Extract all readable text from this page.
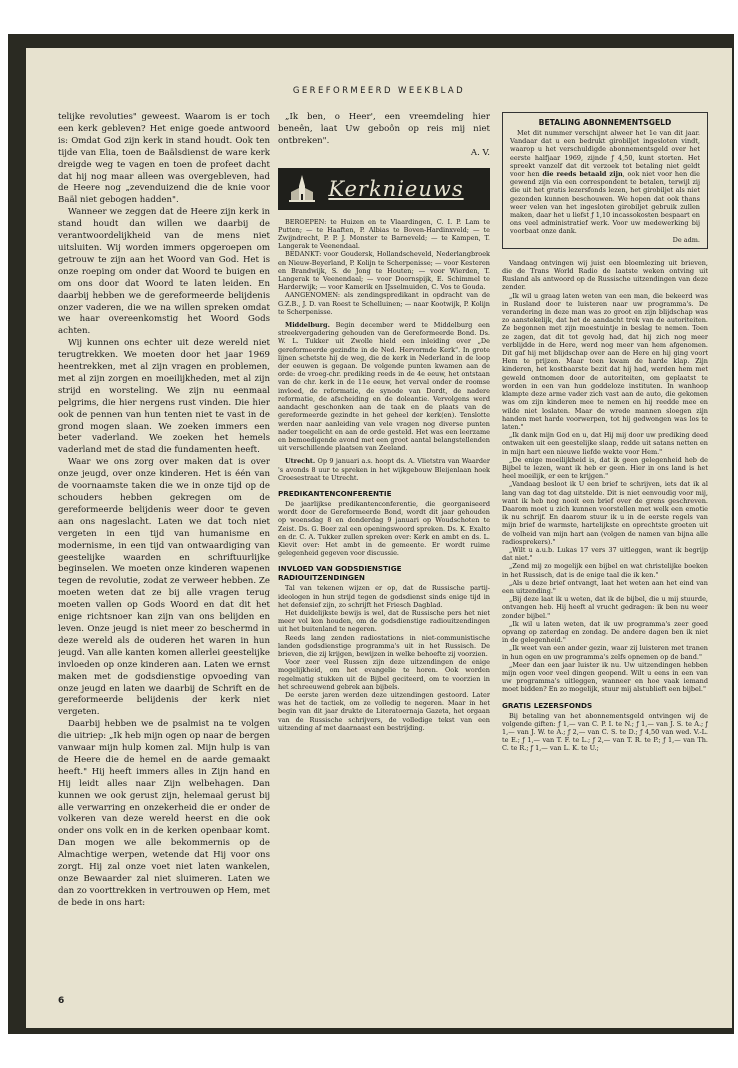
GEREFORMEERD WEEKBLAD

telijke revoluties" geweest. Waarom is er toch een kerk gebleven? Het enige goede antwoord is: Omdat God zijn kerk in stand houdt. Ook ten tijde van Elia, toen de Baälsdienst de ware kerk dreigde weg te vagen en toen de profeet dacht dat hij nog maar alleen was overgebleven, had de Heere nog „zevenduizend die de knie voor Baäl niet gebogen hadden".

Wanneer we zeggen dat de Heere zijn kerk in stand houdt dan willen we daarbij de verantwoordelijkheid van de mens niet uitsluiten. Wij worden immers opgeroepen om getrouw te zijn aan het Woord van God. Het is onze roeping om onder dat Woord te buigen en om ons door dat Woord te laten leiden. En daarbij hebben we de gereformeerde belijdenis onzer vaderen, die we na willen spreken omdat we haar overeenkomstig het Woord Gods achten.

Wij kunnen ons echter uit deze wereld niet terugtrekken. We moeten door het jaar 1969 heentrekken, met al zijn vragen en problemen, met al zijn zorgen en moeilijkheden, met al zijn strijd en worsteling. We zijn nu eenmaal pelgrims, die hier nergens rust vinden. Die hier ook de pennen van hun tenten niet te vast in de grond mogen slaan. We zoeken immers een beter vaderland. We zoeken het hemels vaderland met de stad die fundamenten heeft.

Waar we ons zorg over maken dat is over onze jeugd, over onze kinderen. Het is één van de voornaamste taken die we in onze tijd op de schouders hebben gekregen om de gereformeerde belijdenis weer door te geven aan ons nageslacht. Laten we dat toch niet vergeten in een tijd van humanisme en modernisme, in een tijd van ontwaardiging van geestelijke waarden en schriftuurlijke beginselen. We moeten onze kinderen wapenen tegen de revolutie, zodat ze verweer hebben. Ze moeten weten dat ze bij alle vragen terug moeten vallen op Gods Woord en dat dit het enige richtsnoer kan zijn van ons belijden en leven. Onze jeugd is niet meer zo beschermd in deze wereld als de ouderen het waren in hun jeugd. Van alle kanten komen allerlei geestelijke invloeden op onze kinderen aan. Laten we ernst maken met de godsdienstige opvoeding van onze jeugd en laten we daarbij de Schrift en de gereformeerde belijdenis der kerk niet vergeten.

Daarbij hebben we de psalmist na te volgen die uitriep: „Ik heb mijn ogen op naar de bergen vanwaar mijn hulp komen zal. Mijn hulp is van de Heere die de hemel en de aarde gemaakt heeft." Hij heeft immers alles in Zijn hand en Hij leidt alles naar Zijn welbehagen. Dan kunnen we ook gerust zijn, helemaal gerust bij alle verwarring en onzekerheid die er onder de volkeren van deze wereld heerst en die ook onder ons volk en in de kerken openbaar komt. Dan mogen we alle bekommernis op de Almachtige werpen, wetende dat Hij voor ons zorgt. Hij zal onze voet niet laten wankelen, onze Bewaarder zal niet sluimeren. Laten we dan zo voorttrekken in vertrouwen op Hem, met de bede in ons hart:

„Ik ben, o Heer', een vreemdeling hier beneên, laat Uw geboôn op reis mij niet ontbreken".

A. V.

Kerknieuws

BEROEPEN: te Huizen en te Vlaardingen, C. I. P. Lam te Putten; — te Haaften, P. Albias te Boven-Hardinxveld; — te Zwijndrecht, P. P. J. Monster te Barneveld; — te Kampen, T. Langerak te Veenendaal.

BEDANKT: voor Goudersk, Hollandscheveld, Nederlangbroek en Nieuw-Beyerland, P. Kolijn te Scherpenisse; — voor Kesteren en Brandwijk, S. de Jong te Houten; — voor Wierden, T. Langerak te Veenendaal; — voor Doornspijk, E. Schimmel te Harderwijk; — voor Kamerik en IJsselmuiden, C. Vos te Gouda.

AANGENOMEN: als zendingspredikant in opdracht van de G.Z.B., J. D. van Roest te Schelluinen; — naar Kootwijk, P. Kolijn te Scherpenisse.

Middelburg. Begin december werd te Middelburg een streekvergadering gehouden van de Gereformeerde Bond. Ds. W. L. Tukker uit Zwolle hield een inleiding over „De gereformeerde gezindte in de Ned. Hervormde Kerk". In grote lijnen schetste hij de weg, die de kerk in Nederland in de loop der eeuwen is gegaan. De volgende punten kwamen aan de orde: de vroeg-chr. prediking reeds in de 4e eeuw, het ontstaan van de chr. kerk in de 11e eeuw, het verval onder de roomse invloed, de reformatie, de synode van Dordt, de nadere reformatie, de afscheiding en de doleantie. Vervolgens werd aandacht geschonken aan de taak en de plaats van de gereformeerde gezindte in het geheel der kerk(en). Tenslotte werden naar aanleiding van vele vragen nog diverse punten nader toegelicht en aan de orde gesteld. Het was een leerzame en bemoedigende avond met een groot aantal belangstellenden uit verschillende plaatsen van Zeeland.

Utrecht. Op 9 januari a.s. hoopt ds. A. Vlietstra van Waarder 's avonds 8 uur te spreken in het wijkgebouw Bleijenlaan hoek Croesestraat te Utrecht.

PREDIKANTENCONFERENTIE

De jaarlijkse predikantenconferentie, die georganiseerd wordt door de Gereformeerde Bond, wordt dit jaar gehouden op woensdag 8 en donderdag 9 januari op Woudschoten te Zeist. Ds. G. Boer zal een openingswoord spreken. Ds. K. Exalto en dr. C. A. Tukker zullen spreken over: Kerk en ambt en ds. L. Kievit over: Het ambt in de gemeente. Er wordt ruime gelegenheid gegeven voor discussie.

INVLOED VAN GODSDIENSTIGE RADIOUITZENDINGEN

Tal van tekenen wijzen er op, dat de Russische partij-ideologen in hun strijd tegen de godsdienst sinds enige tijd in het defensief zijn, zo schrijft het Friesch Dagblad.

Het duidelijkste bewijs is wel, dat de Russische pers het niet meer vol kon houden, om de godsdienstige radiouitzendingen uit het buitenland te negeren.

Reeds lang zenden radiostations in niet-communistische landen godsdienstige programma's uit in het Russisch. De brieven, die zij krijgen, bewijzen in welke behoefte zij voorzien.

Voor zeer veel Russen zijn deze uitzendingen de enige mogelijkheid, om het evangelie te horen. Ook worden regelmatig stukken uit de Bijbel geciteerd, om te voorzien in het schreeuwend gebrek aan bijbels.

De eerste jaren werden deze uitzendingen gestoord. Later was het de tactiek, om ze volledig te negeren. Maar in het begin van dit jaar drukte de Literatoernaja Gazeta, het orgaan van de Russische schrijvers, de volledige tekst van een uitzending af met daarnaast een bestrijding.

BETALING ABONNEMENTSGELD

Met dit nummer verschijnt alweer het 1e van dit jaar. Vandaar dat u een bedrukt girobiljet ingesloten vindt, waarop u het verschuldigde abonnementsgeld over het eerste halfjaar 1969, zijnde ƒ 4,50, kunt storten. Het spreekt vanzelf dat dit verzoek tot betaling niet geldt voor hen die reeds betaald zijn, ook niet voor hen die gewend zijn via een correspondent te betalen, terwijl zij die uit het gratis lezersfonds lezen, het girobiljet als niet gezonden kunnen beschouwen. We hopen dat ook thans weer velen van het ingesloten girobiljet gebruik zullen maken, daar het u liefst ƒ 1,10 incassokosten bespaart en ons veel administratief werk. Voor uw medewerking bij voorbaat onze dank.

De adm.

Vandaag ontvingen wij juist een bloemlezing uit brieven, die de Trans World Radio de laatste weken ontving uit Rusland als antwoord op de Russische uitzendingen van deze zender.

„Ik wil u graag laten weten van een man, die bekeerd was in Rusland door te luisteren naar uw programma's. De verandering in deze man was zo groot en zijn blijdschap was zo aanstekelijk, dat het de aandacht trok van de autoriteiten. Ze begonnen met zijn moestuintje in beslag te nemen. Toen ze zagen, dat dit tot gevolg had, dat hij zich nog meer verblijdde in de Here, werd nog meer van hem afgenomen. Dit gaf hij met blijdschap over aan de Here en hij ging voort Hem te prijzen. Maar toen kwam de harde klap. Zijn kinderen, het kostbaarste bezit dat hij had, werden hem met geweld ontnomen door de autoriteiten, om geplaatst te worden in een van hun goddeloze instituten. In wanhoop klampte deze arme vader zich vast aan de auto, die gekomen was om zijn kinderen mee te nemen en hij reedde mee en wilde niet loslaten. Maar de wrede mannen sloegen zijn handen met harde voorwerpen, tot hij gedwongen was los te laten."

„Ik dank mijn God en u, dat Hij mij door uw prediking deed ontwaken uit een geestelijke slaap, redde uit satans netten en in mijn hart een nieuwe liefde wekte voor Hem."

„De enige moeilijkheid is, dat ik geen gelegenheid heb de Bijbel te lezen, want ik heb er geen. Hier in ons land is het heel moeilijk, er een te krijgen."

„Vandaag besloot ik U een brief te schrijven, iets dat ik al lang van dag tot dag uitstelde. Dit is niet eenvoudig voor mij, want ik heb nog nooit een brief over de grens geschreven. Daarom moet u zich kunnen voorstellen met welk een emotie ik nu schrijf. En daarom stuur ik u in de eerste regels van mijn brief de warmste, hartelijkste en oprechtste groeten uit de volheid van mijn hart aan (volgen de namen van bijna alle radiosprekers)."

„Wilt u a.u.b. Lukas 17 vers 37 uitleggen, want ik begrijp dat niet."

„Zend mij zo mogelijk een bijbel en wat christelijke boeken in het Russisch, dat is de enige taal die ik ken."

„Als u deze brief ontvangt, laat het weten aan het eind van een uitzending."

„Bij deze laat ik u weten, dat ik de bijbel, die u mij stuurde, ontvangen heb. Hij heeft al vrucht gedragen: ik ben nu weer zonder bijbel."

„Ik wil u laten weten, dat ik uw programma's zeer goed opvang op zaterdag en zondag. De andere dagen ben ik niet in de gelegenheid."

„Ik weet van een ander gezin, waar zij luisteren met tranen in hun ogen en uw programma's zelfs opnemen op de band."

„Meer dan een jaar luister ik nu. Uw uitzendingen hebben mijn ogen voor veel dingen geopend. Wilt u eens in een van uw programma's uitleggen, wanneer en hoe vaak iemand moet bidden? En zo mogelijk, stuur mij alstublieft een bijbel."

GRATIS LEZERSFONDS

Bij betaling van het abonnementsgeld ontvingen wij de volgende giften: ƒ 1,— van C. P. I. te N.; ƒ 1,— van J. S. te A.; ƒ 1,— van J. W. te A.; ƒ 2,— van C. S. te D.; ƒ 4,50 van wed. V.-L. te E.; ƒ 1,— van T. F. te L.; ƒ 2,— van T. R. te P.; ƒ 1,— van Th. C. te R.; ƒ 1,— van L. K. te U.;

6
